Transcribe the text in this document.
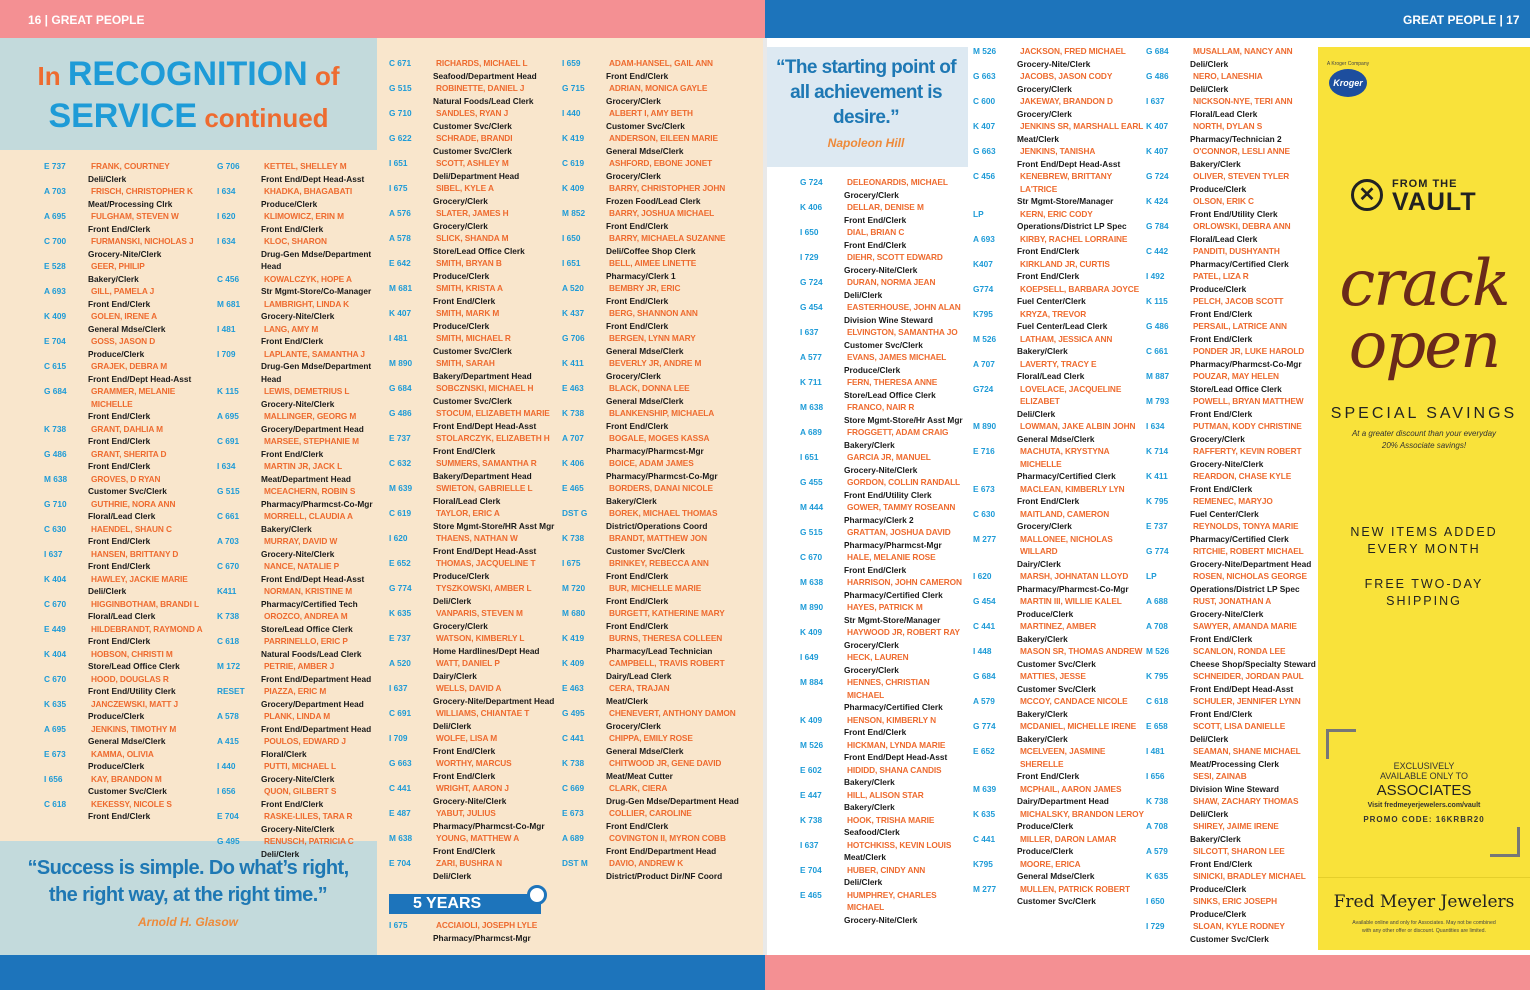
16 | GREAT PEOPLE	GREAT PEOPLE | 17
In RECOGNITION of
SERVICE continued
E 737	FRANK, COURTNEY
Deli/Clerk
A 703	FRISCH, CHRISTOPHER K
Meat/Processing Clrk
A 695	FULGHAM, STEVEN W
Front End/Clerk
C 700	FURMANSKI, NICHOLAS J
Grocery-Nite/Clerk
E 528	GEER, PHILIP
Bakery/Clerk
A 693	GILL, PAMELA J
Front End/Clerk
K 409	GOLEN, IRENE A
General Mdse/Clerk
E 704	GOSS, JASON D
Produce/Clerk
C 615	GRAJEK, DEBRA M
Front End/Dept Head-Asst
G 684	GRAMMER, MELANIE MICHELLE
Front End/Clerk
K 738	GRANT, DAHLIA M
Front End/Clerk
G 486	GRANT, SHERITA D
Front End/Clerk
M 638	GROVES, D RYAN
Customer Svc/Clerk
G 710	GUTHRIE, NORA ANN
Floral/Lead Clerk
C 630	HAENDEL, SHAUN C
Front End/Clerk
I 637	HANSEN, BRITTANY D
Front End/Clerk
K 404	HAWLEY, JACKIE MARIE
Deli/Clerk
C 670	HIGGINBOTHAM, BRANDI L
Floral/Lead Clerk
E 449	HILDEBRANDT, RAYMOND A
Front End/Clerk
K 404	HOBSON, CHRISTI M
Store/Lead Office Clerk
C 670	HOOD, DOUGLAS R
Front End/Utility Clerk
K 635	JANCZEWSKI, MATT J
Produce/Clerk
A 695	JENKINS, TIMOTHY M
General Mdse/Clerk
E 673	KAMMA, OLIVIA
Produce/Clerk
I 656	KAY, BRANDON M
Customer Svc/Clerk
C 618	KEKESSY, NICOLE S
Front End/Clerk
G 706	KETTEL, SHELLEY M
Front End/Dept Head-Asst
I 634	KHADKA, BHAGABATI
Produce/Clerk
I 620	KLIMOWICZ, ERIN M
Front End/Clerk
I 634	KLOC, SHARON
Drug-Gen Mdse/Department Head
C 456	KOWALCZYK, HOPE A
Str Mgmt-Store/Co-Manager
M 681	LAMBRIGHT, LINDA K
Grocery-Nite/Clerk
I 481	LANG, AMY M
Front End/Clerk
I 709	LAPLANTE, SAMANTHA J
Drug-Gen Mdse/Department Head
K 115	LEWIS, DEMETRIUS L
Grocery-Nite/Clerk
A 695	MALLINGER, GEORG M
Grocery/Department Head
C 691	MARSEE, STEPHANIE M
Front End/Clerk
I 634	MARTIN JR, JACK L
Meat/Department Head
G 515	MCEACHERN, ROBIN S
Pharmacy/Pharmcst-Co-Mgr
C 661	MORRELL, CLAUDIA A
Bakery/Clerk
A 703	MURRAY, DAVID W
Grocery-Nite/Clerk
C 670	NANCE, NATALIE P
Front End/Dept Head-Asst
K411	NORMAN, KRISTINE M
Pharmacy/Certified Tech
K 738	OROZCO, ANDREA M
Store/Lead Office Clerk
C 618	PARRINELLO, ERIC P
Natural Foods/Lead Clerk
M 172	PETRIE, AMBER J
Front End/Department Head
RESET PIAZZA, ERIC M
Grocery/Department Head
A 578	PLANK, LINDA M
Front End/Department Head
A 415	POULOS, EDWARD J
Floral/Clerk
I 440	PUTTI, MICHAEL L
Grocery-Nite/Clerk
I 656	QUON, GILBERT S
Front End/Clerk
E 704	RASKE-LILES, TARA R
Grocery-Nite/Clerk
G 495	RENUSCH, PATRICIA C
Deli/Clerk
C 671	RICHARDS, MICHAEL L
Seafood/Department Head
G 515	ROBINETTE, DANIEL J
Natural Foods/Lead Clerk
G 710	SANDLES, RYAN J
Customer Svc/Clerk
G 622	SCHRADE, BRANDI
Customer Svc/Clerk
I 651	SCOTT, ASHLEY M
Deli/Department Head
I 675	SIBEL, KYLE A
Grocery/Clerk
A 576	SLATER, JAMES H
Grocery/Clerk
A 578	SLICK, SHANDA M
Store/Lead Office Clerk
E 642	SMITH, BRYAN B
Produce/Clerk
M 681	SMITH, KRISTA A
Front End/Clerk
K 407	SMITH, MARK M
Produce/Clerk
I 481	SMITH, MICHAEL R
Customer Svc/Clerk
M 890	SMITH, SARAH
Bakery/Department Head
G 684	SOBCZNSKI, MICHAEL H
Customer Svc/Clerk
G 486	STOCUM, ELIZABETH MARIE
Front End/Dept Head-Asst
E 737	STOLARCZYK, ELIZABETH H
Front End/Clerk
C 632	SUMMERS, SAMANTHA R
Bakery/Department Head
M 639	SWIETON, GABRIELLE L
Floral/Lead Clerk
C 619	TAYLOR, ERIC A
Store Mgmt-Store/HR Asst Mgr
I 620	THAENS, NATHAN W
Front End/Dept Head-Asst
E 652	THOMAS, JACQUELINE T
Produce/Clerk
G 774	TYSZKOWSKI, AMBER L
Deli/Clerk
K 635	VANPARIS, STEVEN M
Grocery/Clerk
E 737	WATSON, KIMBERLY L
Home Hardlines/Dept Head
A 520	WATT, DANIEL P
Dairy/Clerk
I 637	WELLS, DAVID A
Grocery-Nite/Department Head
C 691	WILLIAMS, CHIANTAE T
Deli/Clerk
I 709	WOLFE, LISA M
Front End/Clerk
G 663	WORTHY, MARCUS
Front End/Clerk
C 441	WRIGHT, AARON J
Grocery-Nite/Clerk
E 487	YABUT, JULIUS
Pharmacy/Pharmcst-Co-Mgr
M 638	YOUNG, MATTHEW A
Front End/Clerk
E 704	ZARI, BUSHRA N
Deli/Clerk
I 659	ADAM-HANSEL, GAIL ANN
Front End/Clerk
G 715	ADRIAN, MONICA GAYLE
Grocery/Clerk
I 440	ALBERT I, AMY BETH
Customer Svc/Clerk
K 419	ANDERSON, EILEEN MARIE
General Mdse/Clerk
C 619	ASHFORD, EBONE JONET
Grocery/Clerk
K 409	BARRY, CHRISTOPHER JOHN
Frozen Food/Lead Clerk
M 852	BARRY, JOSHUA MICHAEL
Front End/Clerk
I 650	BARRY, MICHAELA SUZANNE
Deli/Coffee Shop Clerk
I 651	BELL, AIMEE LINETTE
Pharmacy/Clerk 1
A 520	BEMBRY JR, ERIC
Front End/Clerk
K 437	BERG, SHANNON ANN
Front End/Clerk
G 706	BERGEN, LYNN MARY
General Mdse/Clerk
K 411	BEVERLY JR, ANDRE M
Grocery/Clerk
E 463	BLACK, DONNA LEE
General Mdse/Clerk
K 738	BLANKENSHIP, MICHAELA
Front End/Clerk
A 707	BOGALE, MOGES KASSA
Pharmacy/Pharmcst-Mgr
K 406	BOICE, ADAM JAMES
Pharmacy/Pharmcst-Co-Mgr
E 465	BORDERS, DANAI NICOLE
Bakery/Clerk
DST G	BOREK, MICHAEL THOMAS
District/Operations Coord
K 738	BRANDT, MATTHEW JON
Customer Svc/Clerk
I 675	BRINKEY, REBECCA ANN
Front End/Clerk
M 720	BUR, MICHELLE MARIE
Front End/Clerk
M 680	BURGETT, KATHERINE MARY
Front End/Clerk
K 419	BURNS, THERESA COLLEEN
Pharmacy/Lead Technician
K 409	CAMPBELL, TRAVIS ROBERT
Dairy/Lead Clerk
E 463	CERA, TRAJAN
Meat/Clerk
G 495	CHENEVERT, ANTHONY DAMON
Grocery/Clerk
C 441	CHIPPA, EMILY ROSE
General Mdse/Clerk
K 738	CHITWOOD JR, GENE DAVID
Meat/Meat Cutter
C 669	CLARK, CIERA
Drug-Gen Mdse/Department Head
E 673	COLLIER, CAROLINE
Front End/Clerk
A 689	COVINGTON II, MYRON COBB
Front End/Department Head
DST M	DAVIO, ANDREW K
District/Product Dir/NF Coord
G 724	DELEONARDIS, MICHAEL
Grocery/Clerk
K 406	DELLAR, DENISE M
Front End/Clerk
I 650	DIAL, BRIAN C
Front End/Clerk
I 729	DIEHR, SCOTT EDWARD
Grocery-Nite/Clerk
G 724	DURAN, NORMA JEAN
Deli/Clerk
G 454	EASTERHOUSE, JOHN ALAN
Division Wine Steward
I 637	ELVINGTON, SAMANTHA JO
Customer Svc/Clerk
A 577	EVANS, JAMES MICHAEL
Produce/Clerk
K 711	FERN, THERESA ANNE
Store/Lead Office Clerk
M 638	FRANCO, NAIR R
Store Mgmt-Store/Hr Asst Mgr
A 689	FROGGETT, ADAM CRAIG
Bakery/Clerk
I 651	GARCIA JR, MANUEL
Grocery-Nite/Clerk
G 455	GORDON, COLLIN RANDALL
Front End/Utility Clerk
M 444	GOWER, TAMMY ROSEANN
Pharmacy/Clerk 2
G 515	GRATTAN, JOSHUA DAVID
Pharmacy/Pharmcst-Mgr
C 670	HALE, MELANIE ROSE
Front End/Clerk
M 638	HARRISON, JOHN CAMERON
Pharmacy/Certified Clerk
M 890	HAYES, PATRICK M
Str Mgmt-Store/Manager
K 409	HAYWOOD JR, ROBERT RAY
Grocery/Clerk
I 649	HECK, LAUREN
Grocery/Clerk
M 884	HENNES, CHRISTIAN MICHAEL
Pharmacy/Certified Clerk
K 409	HENSON, KIMBERLY N
Front End/Clerk
M 526	HICKMAN, LYNDA MARIE
Front End/Dept Head-Asst
E 602	HIDIDD, SHANA CANDIS
Bakery/Clerk
E 447	HILL, ALISON STAR
Bakery/Clerk
K 738	HOOK, TRISHA MARIE
Seafood/Clerk
I 637	HOTCHKISS, KEVIN LOUIS
Meat/Clerk
E 704	HUBER, CINDY ANN
Deli/Clerk
E 465	HUMPHREY, CHARLES MICHAEL
Grocery-Nite/Clerk
M 526	JACKSON, FRED MICHAEL
Grocery-Nite/Clerk
G 663	JACOBS, JASON CODY
Grocery/Clerk
C 600	JAKEWAY, BRANDON D
Grocery/Clerk
K 407	JENKINS SR, MARSHALL EARL
Meat/Clerk
G 663	JENKINS, TANISHA
Front End/Dept Head-Asst
C 456	KENEBREW, BRITTANY LA'TRICE
Str Mgmt-Store/Manager
LP	KERN, ERIC CODY
Operations/District LP Spec
A 693	KIRBY, RACHEL LORRAINE
Front End/Clerk
K407	KIRKLAND JR, CURTIS
Front End/Clerk
G774	KOEPSELL, BARBARA JOYCE
Fuel Center/Clerk
K795	KRYZA, TREVOR
Fuel Center/Lead Clerk
M 526	LATHAM, JESSICA ANN
Bakery/Clerk
A 707	LAVERTY, TRACY E
Floral/Lead Clerk
G724	LOVELACE, JACQUELINE ELIZABET
Deli/Clerk
M 890	LOWMAN, JAKE ALBIN JOHN
General Mdse/Clerk
E 716	MACHUTA, KRYSTYNA MICHELLE
Pharmacy/Certified Clerk
E 673	MACLEAN, KIMBERLY LYN
Front End/Clerk
C 630	MAITLAND, CAMERON
Grocery/Clerk
M 277	MALLONEE, NICHOLAS WILLARD
Dairy/Clerk
I 620	MARSH, JOHNATAN LLOYD
Pharmacy/Pharmcst-Co-Mgr
G 454	MARTIN III, WILLIE KALEL
Produce/Clerk
C 441	MARTINEZ, AMBER
Bakery/Clerk
I 448	MASON SR, THOMAS ANDREW
Customer Svc/Clerk
G 684	MATTIES, JESSE
Customer Svc/Clerk
A 579	MCCOY, CANDACE NICOLE
Bakery/Clerk
G 774	MCDANIEL, MICHELLE IRENE
Bakery/Clerk
E 652	MCELVEEN, JASMINE SHERELLE
Front End/Clerk
M 639	MCPHAIL, AARON JAMES
Dairy/Department Head
K 635	MICHALSKY, BRANDON LEROY
Produce/Clerk
C 441	MILLER, DARON LAMAR
Produce/Clerk
K795	MOORE, ERICA
General Mdse/Clerk
M 277	MULLEN, PATRICK ROBERT
Customer Svc/Clerk
G 684	MUSALLAM, NANCY ANN
Deli/Clerk
G 486	NERO, LANESHIA
Deli/Clerk
I 637	NICKSON-NYE, TERI ANN
Floral/Lead Clerk
K 407	NORTH, DYLAN S
Pharmacy/Technician 2
K 407	O'CONNOR, LESLI ANNE
Bakery/Clerk
G 724	OLIVER, STEVEN TYLER
Produce/Clerk
K 424	OLSON, ERIK C
Front End/Utility Clerk
G 784	ORLOWSKI, DEBRA ANN
Floral/Lead Clerk
C 442	PANDITI, DUSHYANTH
Pharmacy/Certified Clerk
I 492	PATEL, LIZA R
Produce/Clerk
K 115	PELCH, JACOB SCOTT
Front End/Clerk
G 486	PERSAIL, LATRICE ANN
Front End/Clerk
C 661	PONDER JR, LUKE HAROLD
Pharmacy/Pharmcst-Co-Mgr
M 887	POUZAR, MAY HELEN
Store/Lead Office Clerk
M 793	POWELL, BRYAN MATTHEW
Front End/Clerk
I 634	PUTMAN, KODY CHRISTINE
Grocery/Clerk
K 714	RAFFERTY, KEVIN ROBERT
Grocery-Nite/Clerk
K 411	REARDON, CHASE KYLE
Front End/Clerk
K 795	REMENEC, MARYJO
Fuel Center/Clerk
E 737	REYNOLDS, TONYA MARIE
Pharmacy/Certified Clerk
G 774	RITCHIE, ROBERT MICHAEL
Grocery-Nite/Department Head
LP	ROSEN, NICHOLAS GEORGE
Operations/District LP Spec
A 688	RUST, JONATHAN A
Grocery-Nite/Clerk
A 708	SAWYER, AMANDA MARIE
Front End/Clerk
M 526	SCANLON, RONDA LEE
Cheese Shop/Specialty Steward
K 795	SCHNEIDER, JORDAN PAUL
Front End/Dept Head-Asst
C 618	SCHULER, JENNIFER LYNN
Front End/Clerk
E 658	SCOTT, LISA DANIELLE
Deli/Clerk
I 481	SEAMAN, SHANE MICHAEL
Meat/Processing Clerk
I 656	SESI, ZAINAB
Division Wine Steward
K 738	SHAW, ZACHARY THOMAS
Deli/Clerk
A 708	SHIREY, JAIME IRENE
Bakery/Clerk
A 579	SILCOTT, SHARON LEE
Front End/Clerk
K 635	SINICKI, BRADLEY MICHAEL
Produce/Clerk
I 650	SINKS, ERIC JOSEPH
Produce/Clerk
I 729	SLOAN, KYLE RODNEY
Customer Svc/Clerk
5 YEARS
I 675	ACCIAIOLI, JOSEPH LYLE
Pharmacy/Pharmcst-Mgr
“Success is simple. Do what’s right, the right way, at the right time.”
Arnold H. Glasow
“The starting point of all achievement is desire.”
Napoleon Hill
A Kroger Company
Kroger
✕	FROM THE
VAULT
crack
open
SPECIAL SAVINGS
At a greater discount than your everyday
20% Associate savings!
NEW ITEMS ADDED
EVERY MONTH
FREE TWO-DAY
SHIPPING
EXCLUSIVELY
AVAILABLE ONLY TO
ASSOCIATES
Visit fredmeyerjewelers.com/vault
PROMO CODE: 16KRBR20
Fred Meyer Jewelers
Available online and only for Associates. May not be combined
with any other offer or discount. Quantities are limited.
